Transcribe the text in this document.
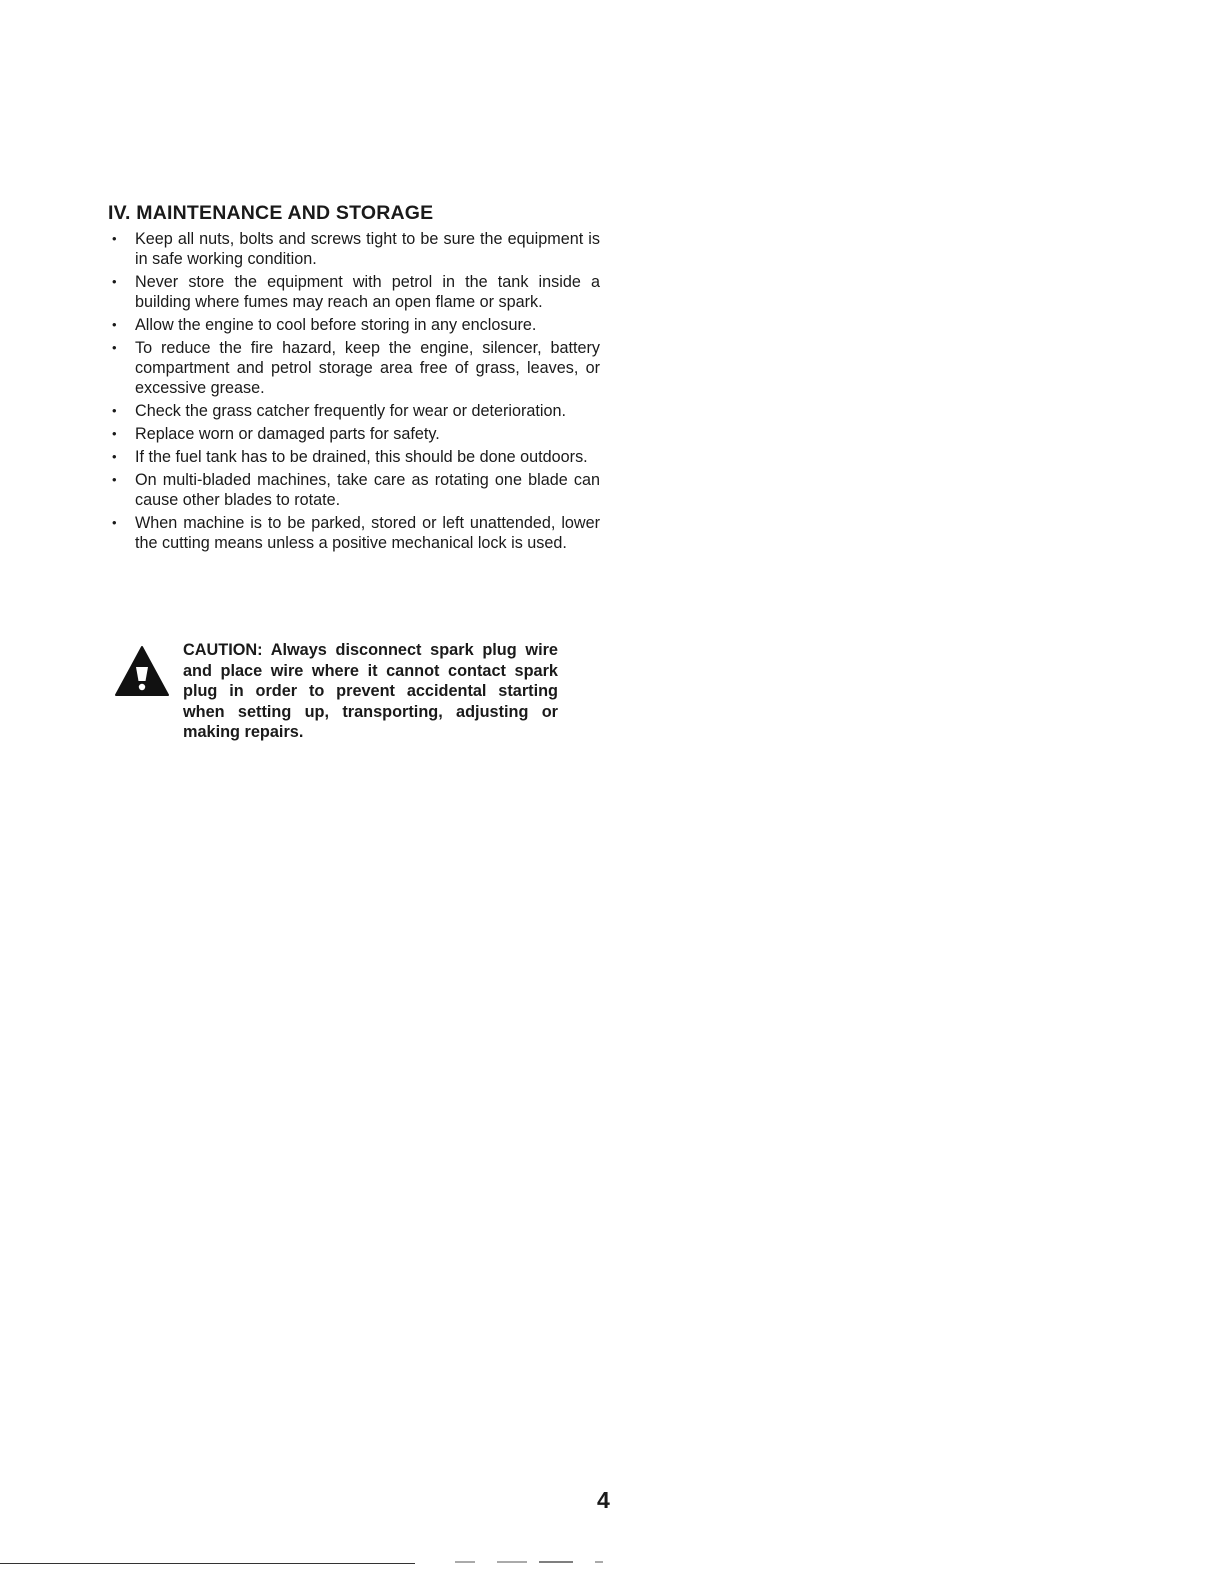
IV. MAINTENANCE AND STORAGE
• Keep all nuts, bolts and screws tight to be sure the equipment is in safe working condition.
• Never store the equipment with petrol in the tank inside a building where fumes may reach an open flame or spark.
• Allow the engine to cool before storing in any enclosure.
• To reduce the fire hazard, keep the engine, silencer, battery compartment and petrol storage area free of grass, leaves, or excessive grease.
• Check the grass catcher frequently for wear or deterioration.
• Replace worn or damaged parts for safety.
• If the fuel tank has to be drained, this should be done outdoors.
• On multi-bladed machines, take care as rotating one blade can cause other blades to rotate.
• When machine is to be parked, stored or left unattended, lower the cutting means unless a positive mechanical lock is used.
CAUTION: Always disconnect spark plug wire and place wire where it cannot contact spark plug in order to prevent accidental starting when setting up, transporting, adjusting or making repairs.
4
